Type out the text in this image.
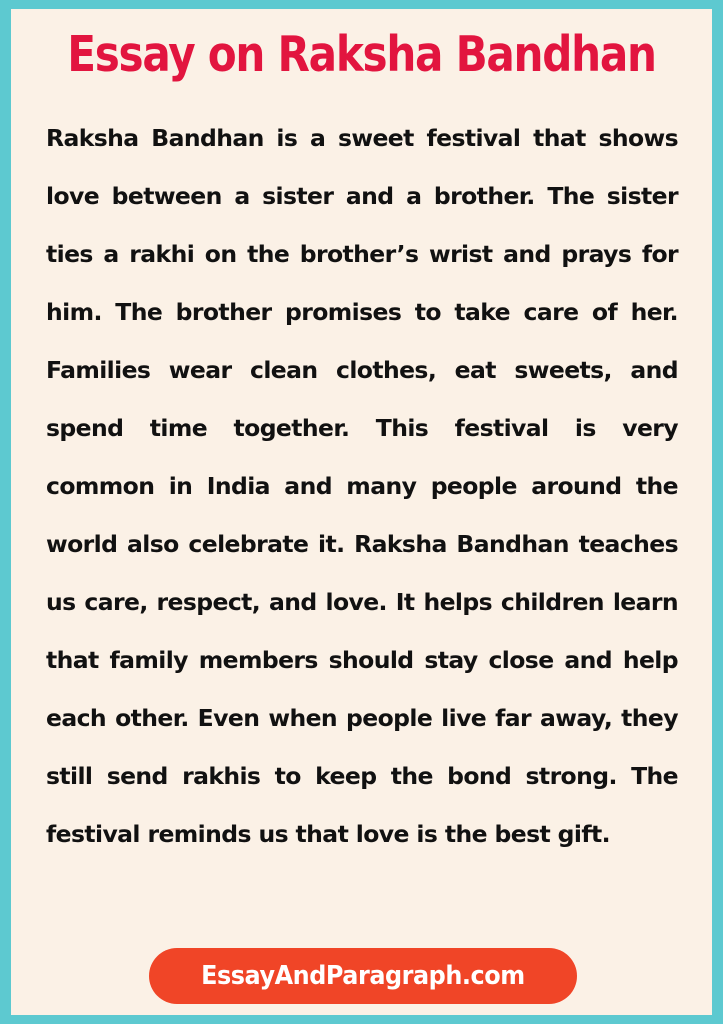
Essay on Raksha Bandhan

Raksha Bandhan is a sweet festival that shows love between a sister and a brother. The sister ties a rakhi on the brother’s wrist and prays for him. The brother promises to take care of her. Families wear clean clothes, eat sweets, and spend time together. This festival is very common in India and many people around the world also celebrate it. Raksha Bandhan teaches us care, respect, and love. It helps children learn that family members should stay close and help each other. Even when people live far away, they still send rakhis to keep the bond strong. The festival reminds us that love is the best gift.

EssayAndParagraph.com
